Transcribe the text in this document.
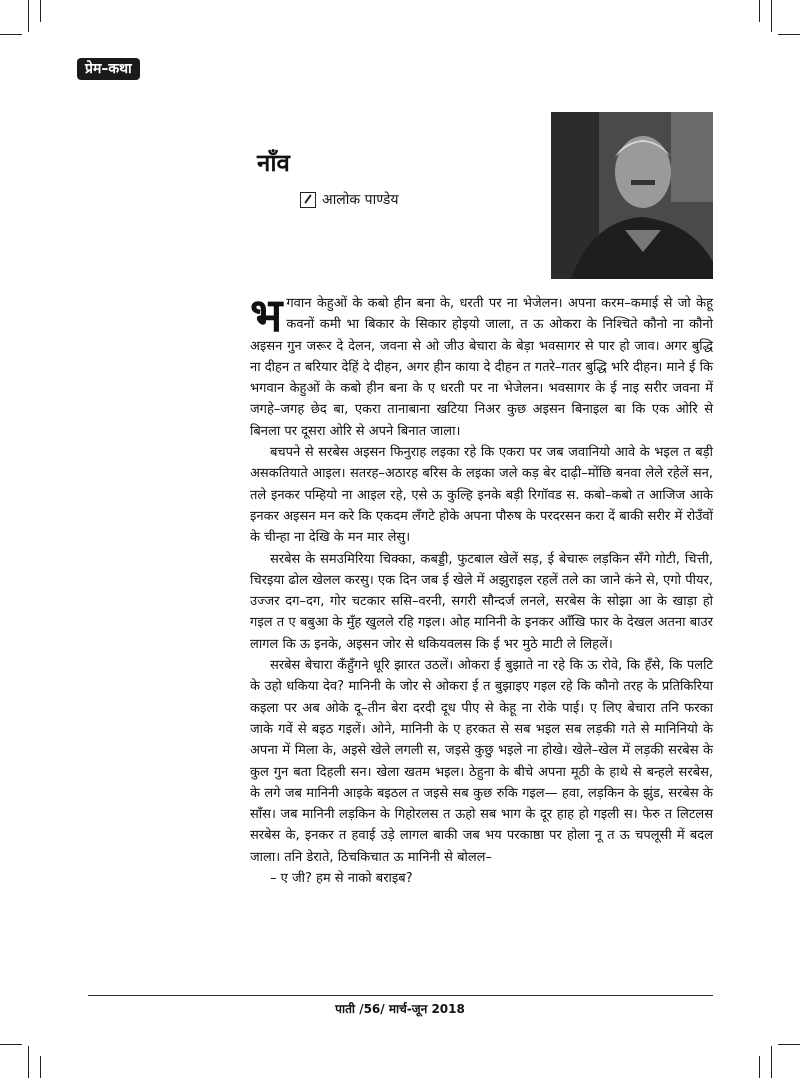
प्रेम–कथा
नाँव
आलोक पाण्डेय

भगवान केहुओं के कबो हीन बना के, धरती पर ना भेजेलन। अपना करम–कमाई से जो केहू कवनों कमी भा बिकार के सिकार होइयो जाला, त ऊ ओकरा के निश्चिते कौनो ना कौनो अइसन गुन जरूर दे देलन, जवना से ओ जीउ बेचारा के बेड़ा भवसागर से पार हो जाव। अगर बुद्धि ना दीहन त बरियार देहिं दे दीहन, अगर हीन काया दे दीहन त गतरे–गतर बुद्धि भरि दीहन। माने ई कि भगवान केहुओं के कबो हीन बना के ए धरती पर ना भेजेलन। भवसागर के ई नाइ सरीर जवना में जगहे–जगह छेद बा, एकरा तानाबाना खटिया निअर कुछ अइसन बिनाइल बा कि एक ओरि से बिनला पर दूसरा ओरि से अपने बिनात जाला।

बचपने से सरबेस अइसन फिनुराह लइका रहे कि एकरा पर जब जवानियो आवे के भइल त बड़ी असकतियाते आइल। सतरह–अठारह बरिस के लइका जले कड़ बेर दाढ़ी–मोंछि बनवा लेले रहेलें सन, तले इनकर पम्हियो ना आइल रहे, एसे ऊ कुल्हि इनके बड़ी रिगॉवड स. कबो–कबो त आजिज आके इनकर अइसन मन करे कि एकदम लँगटे होके अपना पौरुष के परदरसन करा दें बाकी सरीर में रोउँवों के चीन्हा ना देखि के मन मार लेसु।

सरबेस के समउमिरिया चिक्का, कबड्डी, फुटबाल खेलें सड़, ई बेचारू लड़किन सँगे गोटी, चित्ती, चिरइया ढोल खेलल करसु। एक दिन जब ई खेले में अझुराइल रहलें तले का जाने कंने से, एगो पीयर, उज्जर दग–दग, गोर चटकार ससि–वरनी, सगरी सौन्दर्ज लनले, सरबेस के सोझा आ के खाड़ा हो गइल त ए बबुआ के मुँह खुलले रहि गइल। ओह मानिनी के इनकर आँखि फार के देखल अतना बाउर लागल कि ऊ इनके, अइसन जोर से धकियवलस कि ई भर मुठे माटी ले लिहलें।

सरबेस बेचारा कँहुँगने धूरि झारत उठलें। ओकरा ई बुझाते ना रहे कि ऊ रोवे, कि हँसे, कि पलटि के उहो धकिया देव? मानिनी के जोर से ओकरा ई त बुझाइए गइल रहे कि कौनो तरह के प्रतिकिरिया कइला पर अब ओके दू–तीन बेरा दरदी दूध पीए से केहू ना रोके पाई। ए लिए बेचारा तनि फरका जाके गवें से बइठ गइलें। ओने, मानिनी के ए हरकत से सब भइल सब लड़की गते से मानिनियो के अपना में मिला के, अइसे खेले लगली स, जइसे कुछु भइले ना होखे। खेले–खेल में लड़की सरबेस के कुल गुन बता दिहली सन। खेला खतम भइल। ठेहुना के बीचे अपना मूठी के हाथे से बन्हले सरबेस, के लगे जब मानिनी आइके बइठल त जइसे सब कुछ रुकि गइल— हवा, लड़किन के झुंड, सरबेस के साँस। जब मानिनी लड़किन के गिहोरलस त ऊहो सब भाग के दूर हाह हो गइली स। फेरु त लिटलस सरबेस के, इनकर त हवाई उड़े लागल बाकी जब भय परकाष्ठा पर होला नू त ऊ चपलूसी में बदल जाला। तनि डेराते, ठिचकिचात ऊ मानिनी से बोलल–

– ए जी? हम से नाको बराइब?

पाती /56/ मार्च-जून 2018
